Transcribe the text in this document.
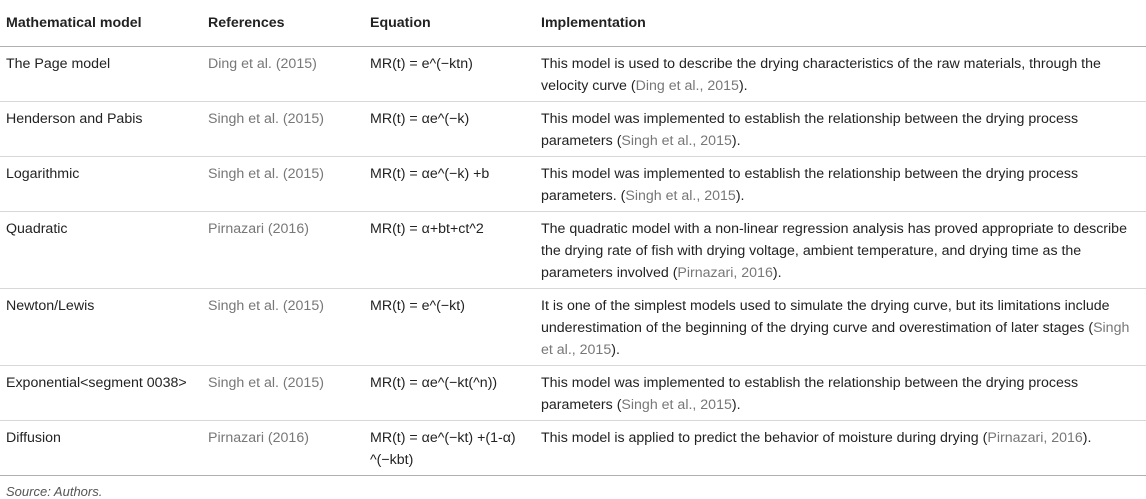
Mathematical model	References	Equation	Implementation
The Page model	Ding et al. (2015)	MR(t) = e^(−ktn)	This model is used to describe the drying characteristics of the raw materials, through the velocity curve (Ding et al., 2015).
Henderson and Pabis	Singh et al. (2015)	MR(t) = αe^(−k)	This model was implemented to establish the relationship between the drying process parameters (Singh et al., 2015).
Logarithmic	Singh et al. (2015)	MR(t) = αe^(−k) +b	This model was implemented to establish the relationship between the drying process parameters. (Singh et al., 2015).
Quadratic	Pirnazari (2016)	MR(t) = α+bt+ct^2	The quadratic model with a non-linear regression analysis has proved appropriate to describe the drying rate of fish with drying voltage, ambient temperature, and drying time as the parameters involved (Pirnazari, 2016).
Newton/Lewis	Singh et al. (2015)	MR(t) = e^(−kt)	It is one of the simplest models used to simulate the drying curve, but its limitations include underestimation of the beginning of the drying curve and overestimation of later stages (Singh et al., 2015).
Exponential<segment 0038>	Singh et al. (2015)	MR(t) = αe^(−kt(^n))	This model was implemented to establish the relationship between the drying process parameters (Singh et al., 2015).
Diffusion	Pirnazari (2016)	MR(t) = αe^(−kt) +(1-α) ^(−kbt)	This model is applied to predict the behavior of moisture during drying (Pirnazari, 2016).
Source: Authors.
